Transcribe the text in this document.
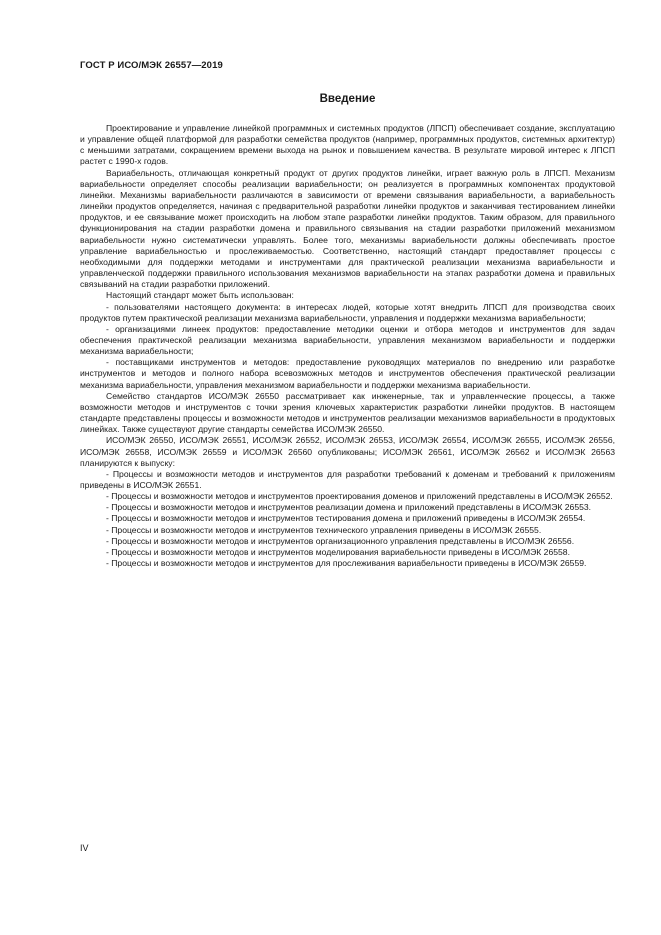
ГОСТ Р ИСО/МЭК 26557—2019
Введение

Проектирование и управление линейкой программных и системных продуктов (ЛПСП) обеспечивает создание, эксплуатацию и управление общей платформой для разработки семейства продуктов (например, программных продуктов, системных архитектур) с меньшими затратами, сокращением времени выхода на рынок и повышением качества. В результате мировой интерес к ЛПСП растет с 1990-х годов.

Вариабельность, отличающая конкретный продукт от других продуктов линейки, играет важную роль в ЛПСП. Механизм вариабельности определяет способы реализации вариабельности; он реализуется в программных компонентах продуктовой линейки. Механизмы вариабельности различаются в зависимости от времени связывания вариабельности, а вариабельность линейки продуктов определяется, начиная с предварительной разработки линейки продуктов и заканчивая тестированием линейки продуктов, и ее связывание может происходить на любом этапе разработки линейки продуктов. Таким образом, для правильного функционирования на стадии разработки домена и правильного связывания на стадии разработки приложений механизмом вариабельности нужно систематически управлять. Более того, механизмы вариабельности должны обеспечивать простое управление вариабельностью и прослеживаемостью. Соответственно, настоящий стандарт предоставляет процессы с необходимыми для поддержки методами и инструментами для практической реализации механизма вариабельности и управленческой поддержки правильного использования механизмов вариабельности на этапах разработки домена и правильных связываний на стадии разработки приложений.

Настоящий стандарт может быть использован:

- пользователями настоящего документа: в интересах людей, которые хотят внедрить ЛПСП для производства своих продуктов путем практической реализации механизма вариабельности, управления и поддержки механизма вариабельности;

- организациями линеек продуктов: предоставление методики оценки и отбора методов и инструментов для задач обеспечения практической реализации механизма вариабельности, управления механизмом вариабельности и поддержки механизма вариабельности;

- поставщиками инструментов и методов: предоставление руководящих материалов по внедрению или разработке инструментов и методов и полного набора всевозможных методов и инструментов обеспечения практической реализации механизма вариабельности, управления механизмом вариабельности и поддержки механизма вариабельности.

Семейство стандартов ИСО/МЭК 26550 рассматривает как инженерные, так и управленческие процессы, а также возможности методов и инструментов с точки зрения ключевых характеристик разработки линейки продуктов. В настоящем стандарте представлены процессы и возможности методов и инструментов реализации механизмов вариабельности в продуктовых линейках. Также существуют другие стандарты семейства ИСО/МЭК 26550.

ИСО/МЭК 26550, ИСО/МЭК 26551, ИСО/МЭК 26552, ИСО/МЭК 26553, ИСО/МЭК 26554, ИСО/МЭК 26555, ИСО/МЭК 26556, ИСО/МЭК 26558, ИСО/МЭК 26559 и ИСО/МЭК 26560 опубликованы; ИСО/МЭК 26561, ИСО/МЭК 26562 и ИСО/МЭК 26563 планируются к выпуску:

- Процессы и возможности методов и инструментов для разработки требований к доменам и требований к приложениям приведены в ИСО/МЭК 26551.

- Процессы и возможности методов и инструментов проектирования доменов и приложений представлены в ИСО/МЭК 26552.

- Процессы и возможности методов и инструментов реализации домена и приложений представлены в ИСО/МЭК 26553.

- Процессы и возможности методов и инструментов тестирования домена и приложений приведены в ИСО/МЭК 26554.

- Процессы и возможности методов и инструментов технического управления приведены в ИСО/МЭК 26555.

- Процессы и возможности методов и инструментов организационного управления представлены в ИСО/МЭК 26556.

- Процессы и возможности методов и инструментов моделирования вариабельности приведены в ИСО/МЭК 26558.

- Процессы и возможности методов и инструментов для прослеживания вариабельности приведены в ИСО/МЭК 26559.

IV
